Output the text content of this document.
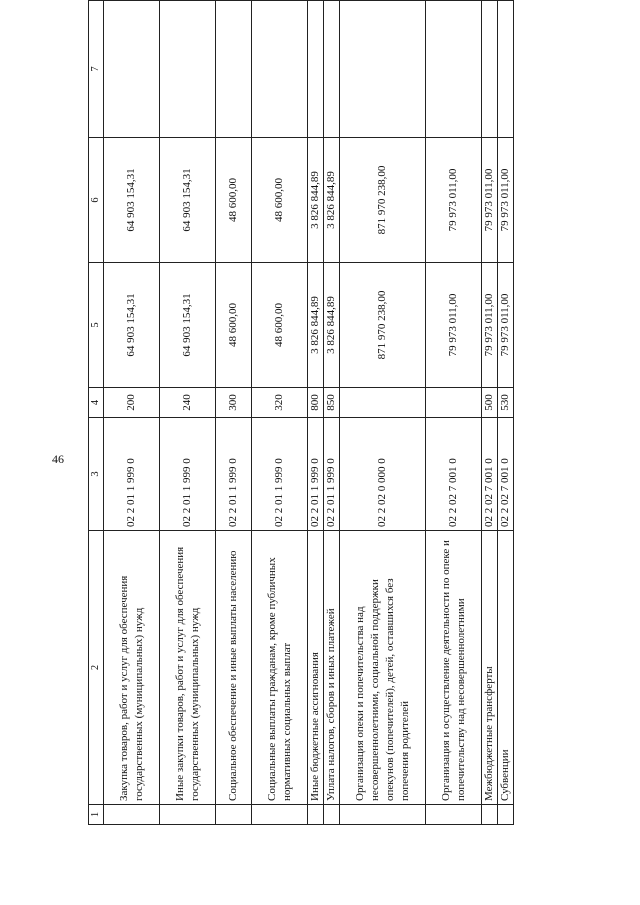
46
1	2	3	4	5	6	7
	Закупка товаров, работ и услуг для обеспечения государственных (муниципальных) нужд	02 2 01 1 999 0	200	64 903 154,31	64 903 154,31	
	Иные закупки товаров, работ и услуг для обеспечения государственных (муниципальных) нужд	02 2 01 1 999 0	240	64 903 154,31	64 903 154,31	
	Социальное обеспечение и иные выплаты населению	02 2 01 1 999 0	300	48 600,00	48 600,00	
	Социальные выплаты гражданам, кроме публичных нормативных социальных выплат	02 2 01 1 999 0	320	48 600,00	48 600,00	
	Иные бюджетные ассигнования	02 2 01 1 999 0	800	3 826 844,89	3 826 844,89	
	Уплата налогов, сборов и иных платежей	02 2 01 1 999 0	850	3 826 844,89	3 826 844,89	
	Организация опеки и попечительства над несовершеннолетними, социальной поддержки опекунов (попечителей), детей, оставшихся без попечения родителей	02 2 02 0 000 0		871 970 238,00	871 970 238,00	
	Организация и осуществление деятельности по опеке и попечительству над несовершеннолетними	02 2 02 7 001 0		79 973 011,00	79 973 011,00	
	Межбюджетные трансферты	02 2 02 7 001 0	500	79 973 011,00	79 973 011,00	
	Субвенции	02 2 02 7 001 0	530	79 973 011,00	79 973 011,00	
